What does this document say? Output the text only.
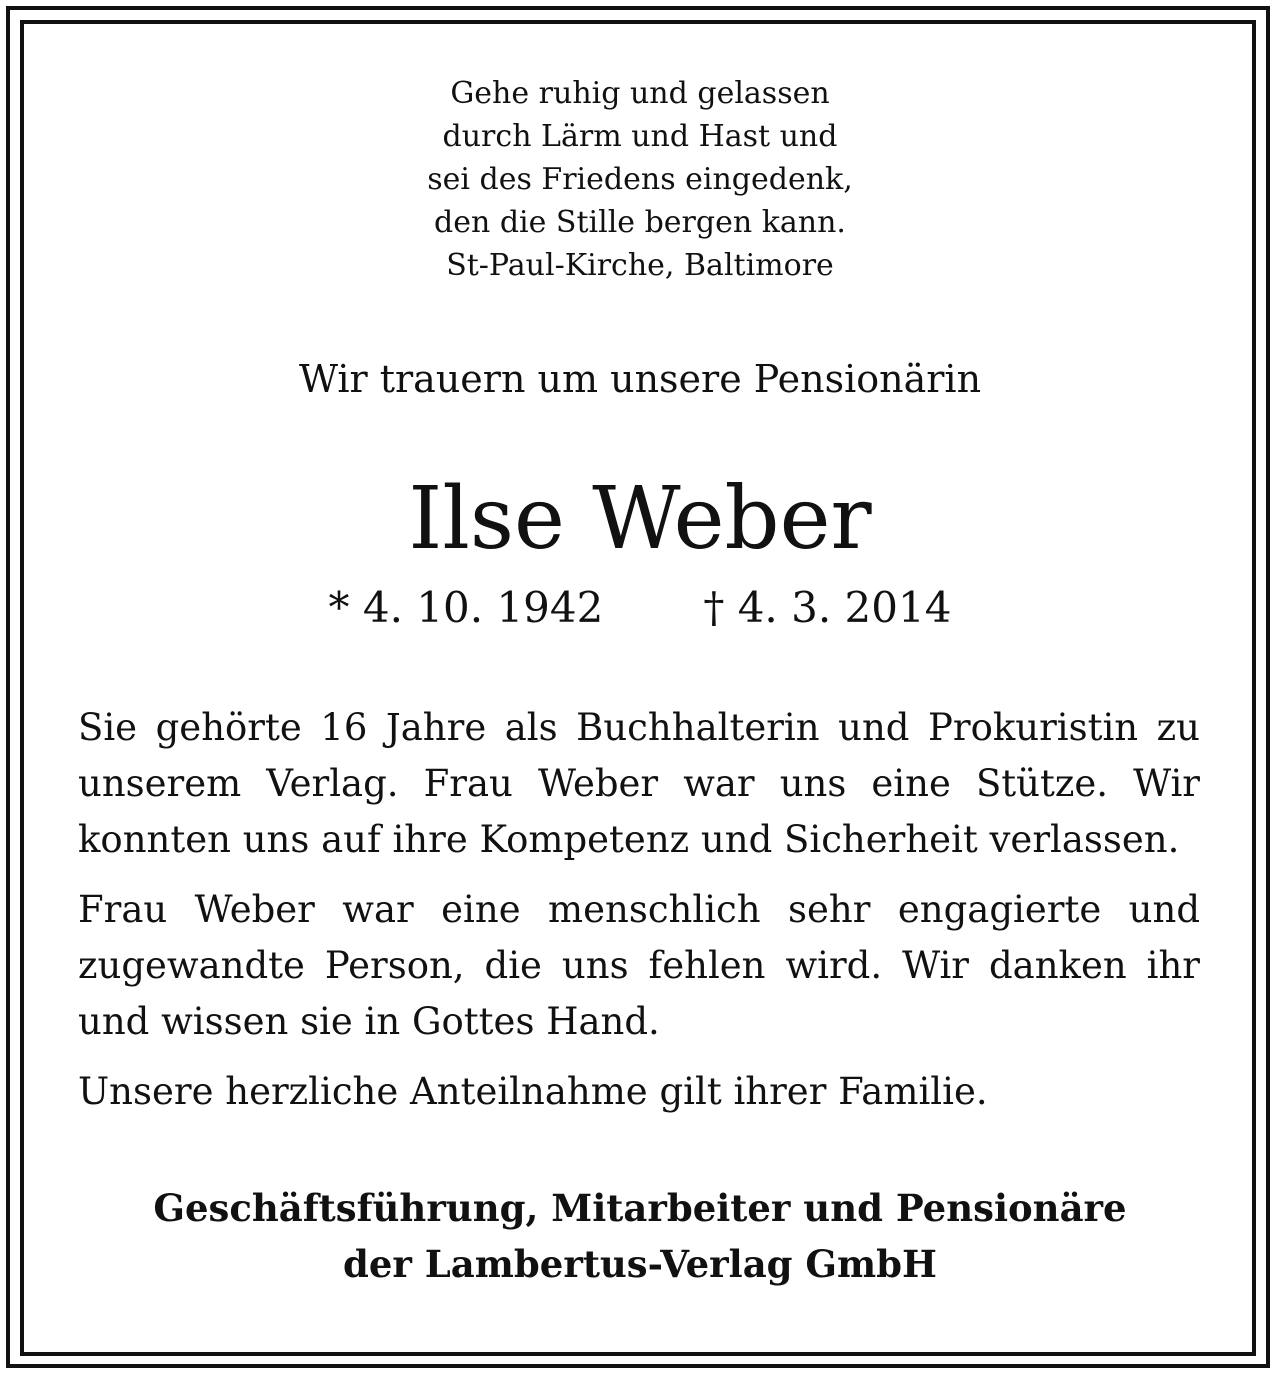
Gehe ruhig und gelassen
durch Lärm und Hast und
sei des Friedens eingedenk,
den die Stille bergen kann.
St-Paul-Kirche, Baltimore
Wir trauern um unsere Pensionärin
Ilse Weber
* 4. 10. 1942 † 4. 3. 2014

Sie gehörte 16 Jahre als Buchhalterin und Prokuristin zu unserem Verlag. Frau Weber war uns eine Stütze. Wir konnten uns auf ihre Kompetenz und Sicherheit verlassen.

Frau Weber war eine menschlich sehr engagierte und zugewandte Person, die uns fehlen wird. Wir danken ihr und wissen sie in Gottes Hand.

Unsere herzliche Anteilnahme gilt ihrer Familie.

Geschäftsführung, Mitarbeiter und Pensionäre
der Lambertus-Verlag GmbH
